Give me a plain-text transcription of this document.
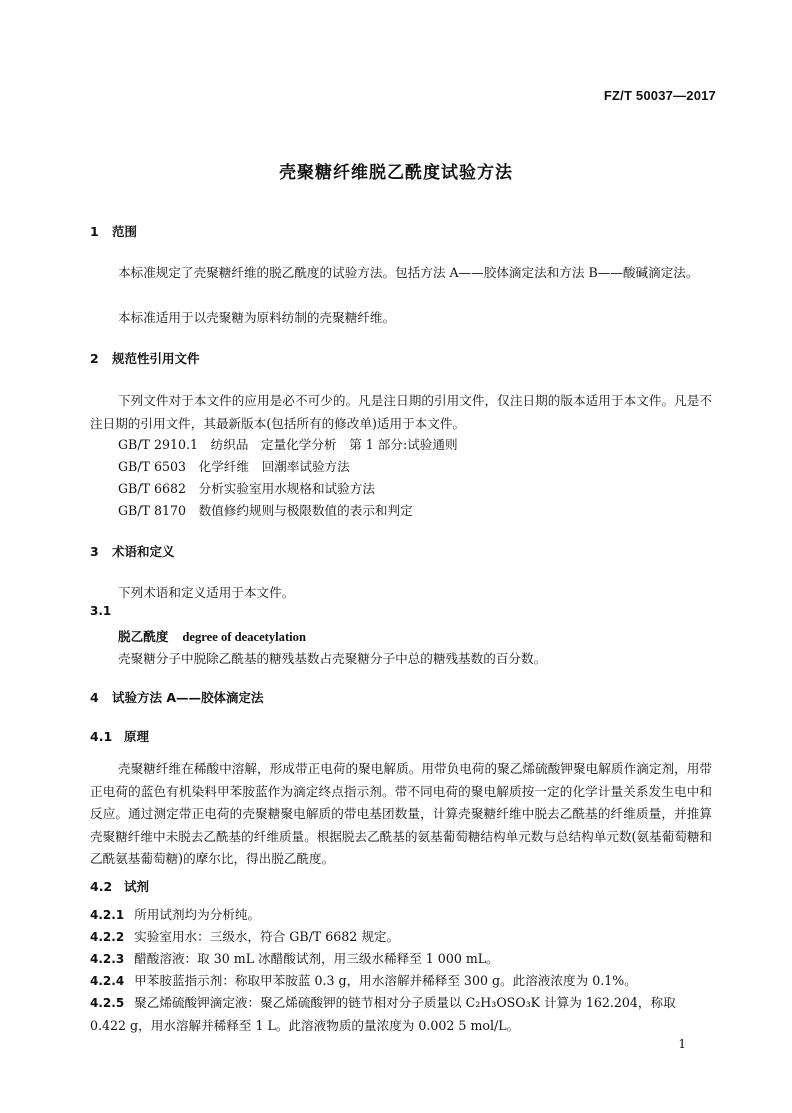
FZ/T 50037—2017
壳聚糖纤维脱乙酰度试验方法
1 范围
本标准规定了壳聚糖纤维的脱乙酰度的试验方法。包括方法 A——胶体滴定法和方法 B——酸碱滴定法。
本标准适用于以壳聚糖为原料纺制的壳聚糖纤维。
2 规范性引用文件
下列文件对于本文件的应用是必不可少的。凡是注日期的引用文件，仅注日期的版本适用于本文件。凡是不注日期的引用文件，其最新版本(包括所有的修改单)适用于本文件。
GB/T 2910.1　纺织品　定量化学分析　第 1 部分:试验通则
GB/T 6503　化学纤维　回潮率试验方法
GB/T 6682　分析实验室用水规格和试验方法
GB/T 8170　数值修约规则与极限数值的表示和判定
3 术语和定义
下列术语和定义适用于本文件。
3.1
脱乙酰度 degree of deacetylation
壳聚糖分子中脱除乙酰基的糖残基数占壳聚糖分子中总的糖残基数的百分数。
4 试验方法 A——胶体滴定法
4.1 原理
壳聚糖纤维在稀酸中溶解，形成带正电荷的聚电解质。用带负电荷的聚乙烯硫酸钾聚电解质作滴定剂，用带正电荷的蓝色有机染料甲苯胺蓝作为滴定终点指示剂。带不同电荷的聚电解质按一定的化学计量关系发生电中和反应。通过测定带正电荷的壳聚糖聚电解质的带电基团数量，计算壳聚糖纤维中脱去乙酰基的纤维质量，并推算壳聚糖纤维中未脱去乙酰基的纤维质量。根据脱去乙酰基的氨基葡萄糖结构单元数与总结构单元数(氨基葡萄糖和乙酰氨基葡萄糖)的摩尔比，得出脱乙酰度。
4.2 试剂
4.2.1 所用试剂均为分析纯。
4.2.2 实验室用水：三级水，符合 GB/T 6682 规定。
4.2.3 醋酸溶液：取 30 mL 冰醋酸试剂，用三级水稀释至 1 000 mL。
4.2.4 甲苯胺蓝指示剂：称取甲苯胺蓝 0.3 g，用水溶解并稀释至 300 g。此溶液浓度为 0.1%。
4.2.5 聚乙烯硫酸钾滴定液：聚乙烯硫酸钾的链节相对分子质量以 C₂H₃OSO₃K 计算为 162.204，称取 0.422 g，用水溶解并稀释至 1 L。此溶液物质的量浓度为 0.002 5 mol/L。
1
